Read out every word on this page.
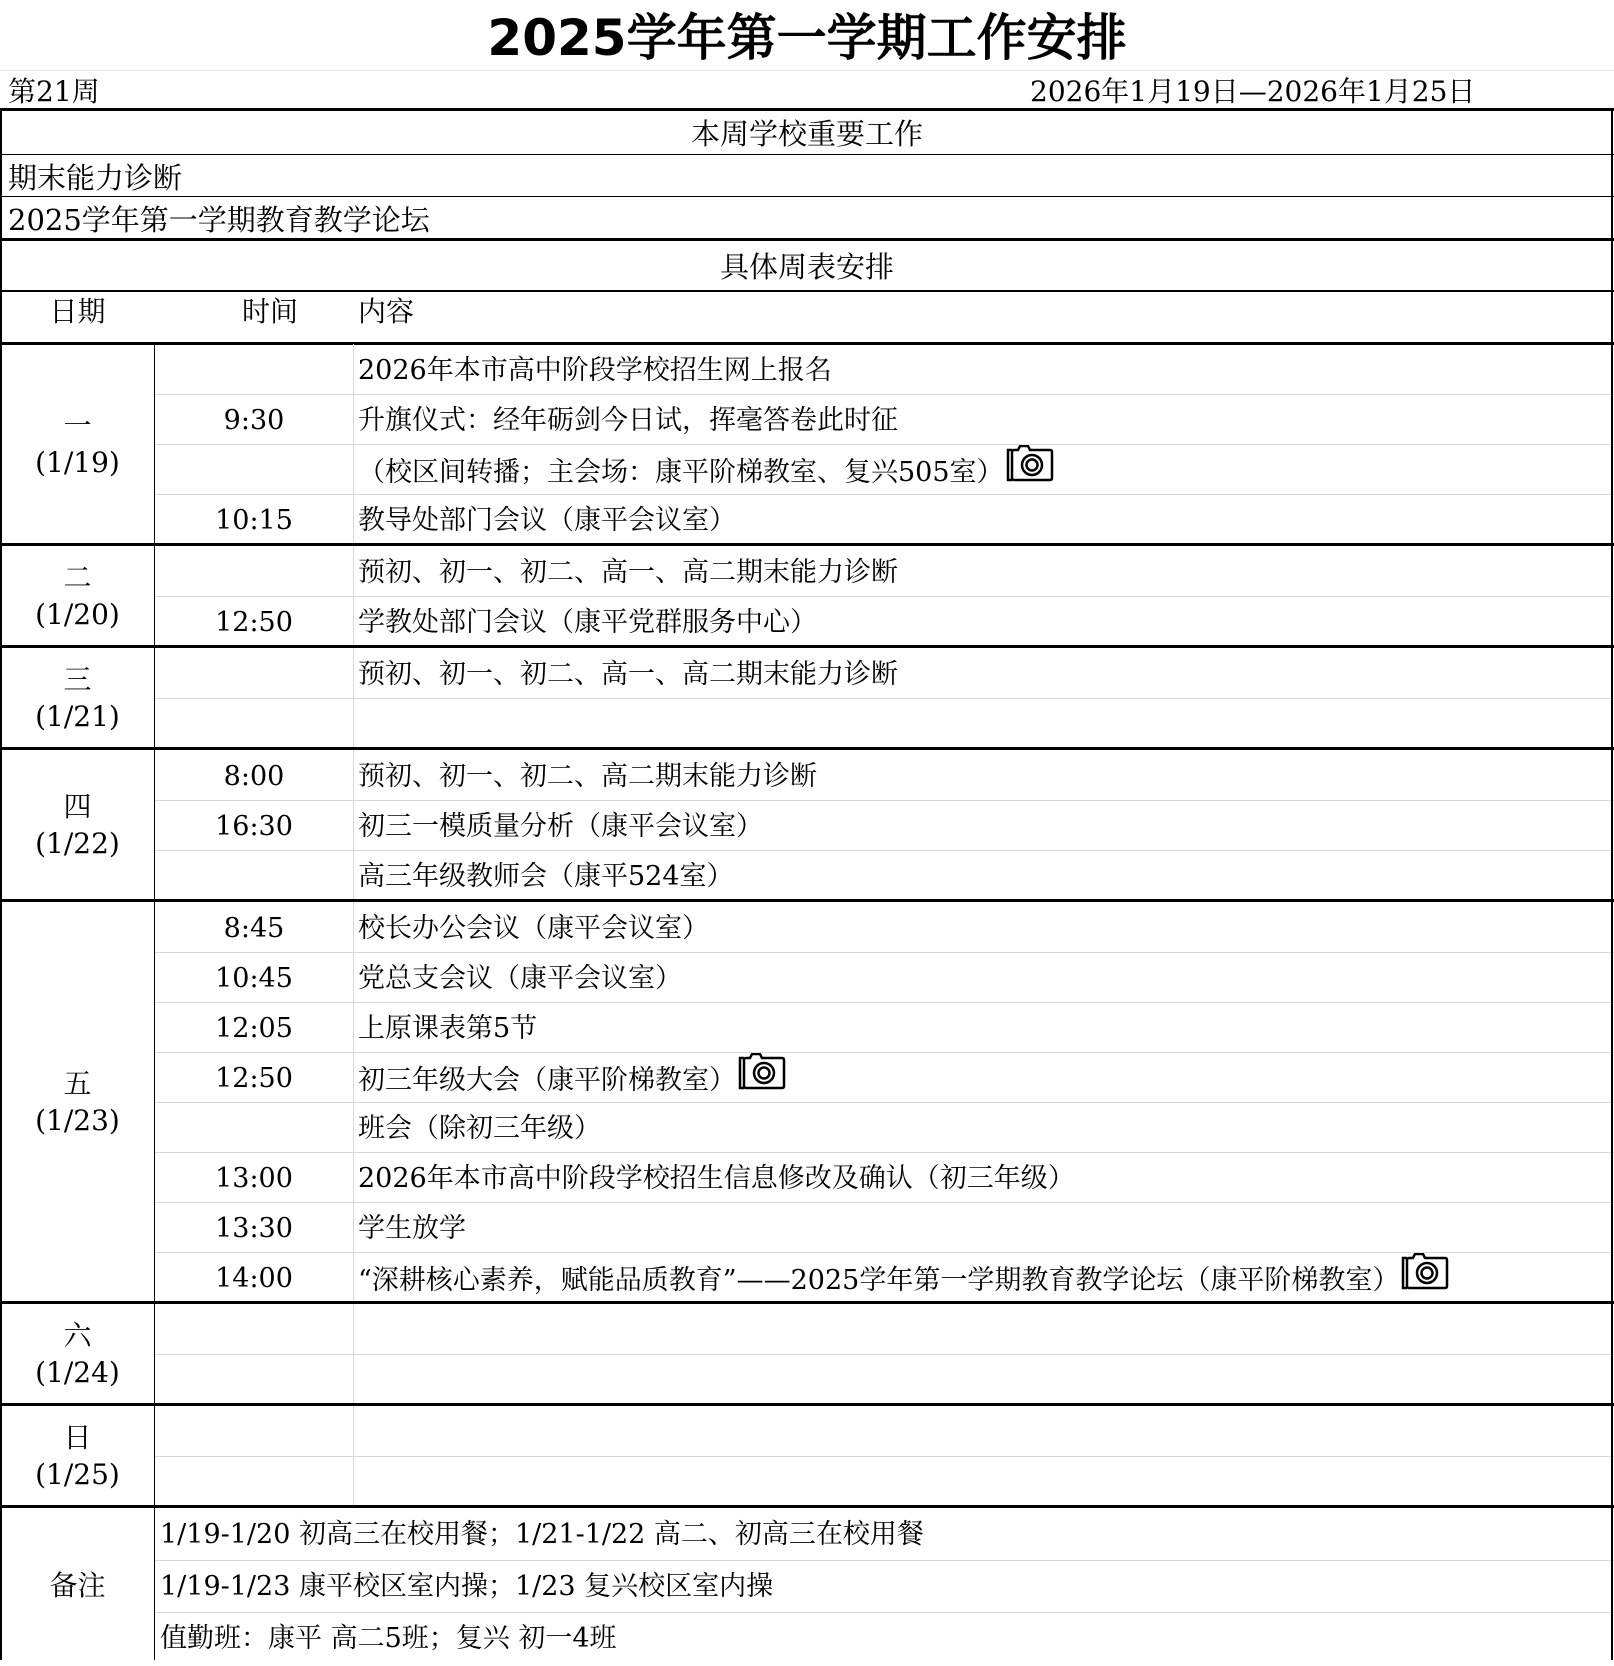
2025学年第一学期工作安排
第21周	2026年1月19日—2026年1月25日
本周学校重要工作
期末能力诊断
2025学年第一学期教育教学论坛
具体周表安排
日期	时间	内容
一
(1/19)
2026年本市高中阶段学校招生网上报名
9:30	升旗仪式：经年砺剑今日试，挥毫答卷此时征
（校区间转播；主会场：康平阶梯教室、复兴505室）
10:15	教导处部门会议（康平会议室）
二
(1/20)
预初、初一、初二、高一、高二期末能力诊断
12:50	学教处部门会议（康平党群服务中心）
三
(1/21)
预初、初一、初二、高一、高二期末能力诊断
四
(1/22)
8:00	预初、初一、初二、高二期末能力诊断
16:30	初三一模质量分析（康平会议室）
高三年级教师会（康平524室）
五
(1/23)
8:45	校长办公会议（康平会议室）
10:45	党总支会议（康平会议室）
12:05	上原课表第5节
12:50	初三年级大会（康平阶梯教室）
班会（除初三年级）
13:00	2026年本市高中阶段学校招生信息修改及确认（初三年级）
13:30	学生放学
14:00	“深耕核心素养，赋能品质教育”——2025学年第一学期教育教学论坛（康平阶梯教室）
六
(1/24)
日
(1/25)
备注
1/19-1/20 初高三在校用餐；1/21-1/22 高二、初高三在校用餐
1/19-1/23 康平校区室内操；1/23 复兴校区室内操
值勤班：康平 高二5班；复兴 初一4班
